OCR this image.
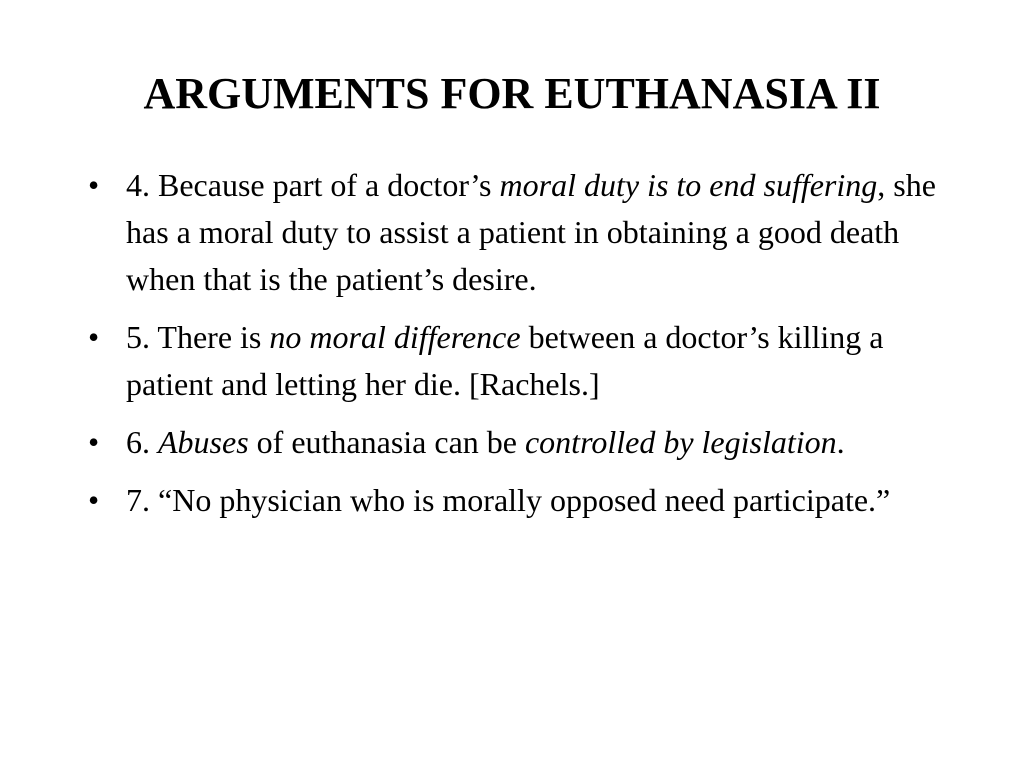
ARGUMENTS FOR EUTHANASIA II
• 4. Because part of a doctor’s moral duty is to end suffering, she has a moral duty to assist a patient in obtaining a good death when that is the patient’s desire.
• 5. There is no moral difference between a doctor’s killing a patient and letting her die. [Rachels.]
• 6. Abuses of euthanasia can be controlled by legislation.
• 7. “No physician who is morally opposed need participate.”
